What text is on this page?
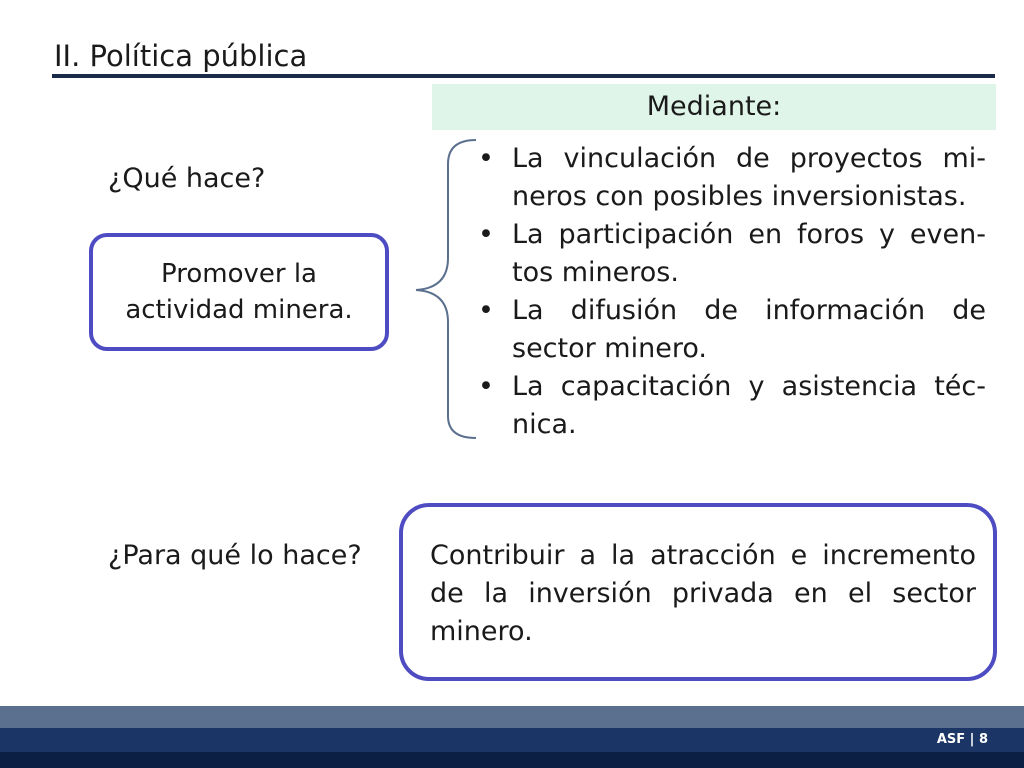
II. Política pública
Mediante:
¿Qué hace?
Promover la actividad minera.
• La vinculación de proyectos mi-neros con posibles inversionistas.
• La participación en foros y even-tos mineros.
• La difusión de información de sector minero.
• La capacitación y asistencia téc-nica.
¿Para qué lo hace?	Contribuir a la atracción e incremento de la inversión privada en el sector minero.
ASF | 8
